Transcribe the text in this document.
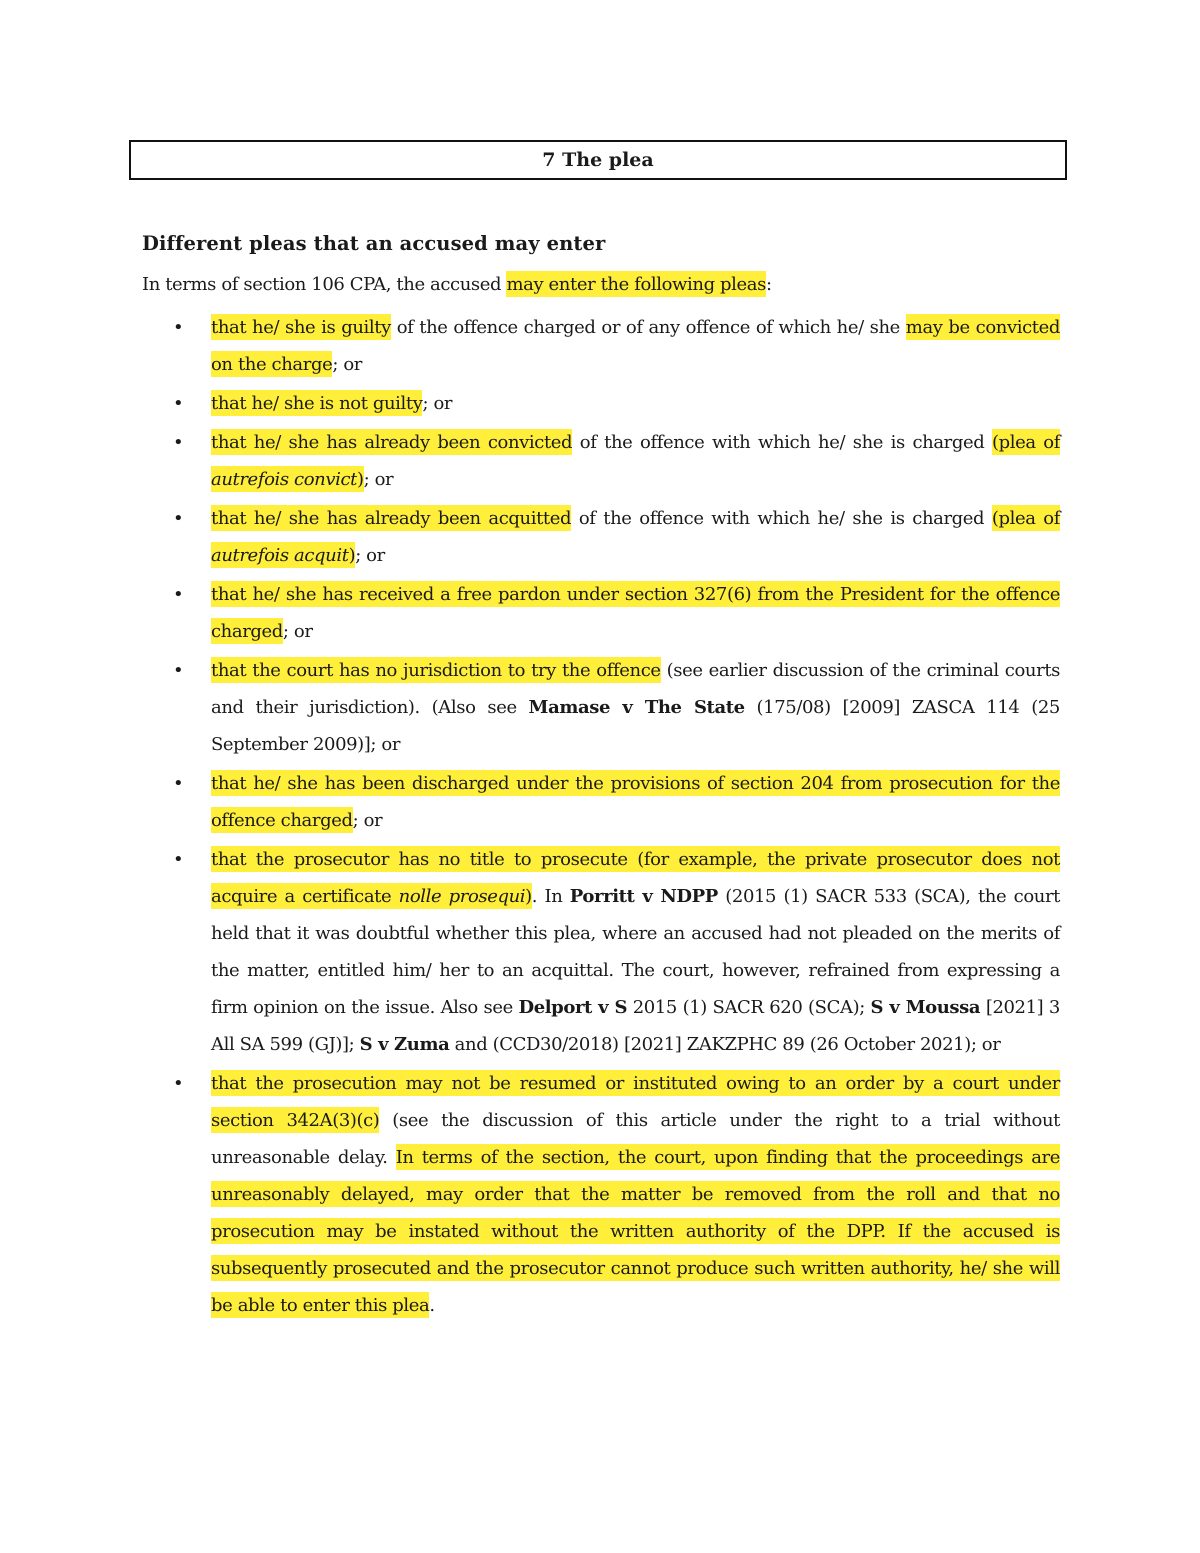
7 The plea
Different pleas that an accused may enter
In terms of section 106 CPA, the accused may enter the following pleas:
• that he/ she is guilty of the offence charged or of any offence of which he/ she may be convicted on the charge; or
• that he/ she is not guilty; or
• that he/ she has already been convicted of the offence with which he/ she is charged (plea of autrefois convict); or
• that he/ she has already been acquitted of the offence with which he/ she is charged (plea of autrefois acquit); or
• that he/ she has received a free pardon under section 327(6) from the President for the offence charged; or
• that the court has no jurisdiction to try the offence (see earlier discussion of the criminal courts and their jurisdiction). (Also see Mamase v The State (175/08) [2009] ZASCA 114 (25 September 2009)]; or
• that he/ she has been discharged under the provisions of section 204 from prosecution for the offence charged; or
• that the prosecutor has no title to prosecute (for example, the private prosecutor does not acquire a certificate nolle prosequi). In Porritt v NDPP (2015 (1) SACR 533 (SCA), the court held that it was doubtful whether this plea, where an accused had not pleaded on the merits of the matter, entitled him/ her to an acquittal. The court, however, refrained from expressing a firm opinion on the issue. Also see Delport v S 2015 (1) SACR 620 (SCA); S v Moussa [2021] 3 All SA 599 (GJ)]; S v Zuma and (CCD30/2018) [2021] ZAKZPHC 89 (26 October 2021); or
• that the prosecution may not be resumed or instituted owing to an order by a court under section 342A(3)(c) (see the discussion of this article under the right to a trial without unreasonable delay. In terms of the section, the court, upon finding that the proceedings are unreasonably delayed, may order that the matter be removed from the roll and that no prosecution may be instated without the written authority of the DPP. If the accused is subsequently prosecuted and the prosecutor cannot produce such written authority, he/ she will be able to enter this plea.
